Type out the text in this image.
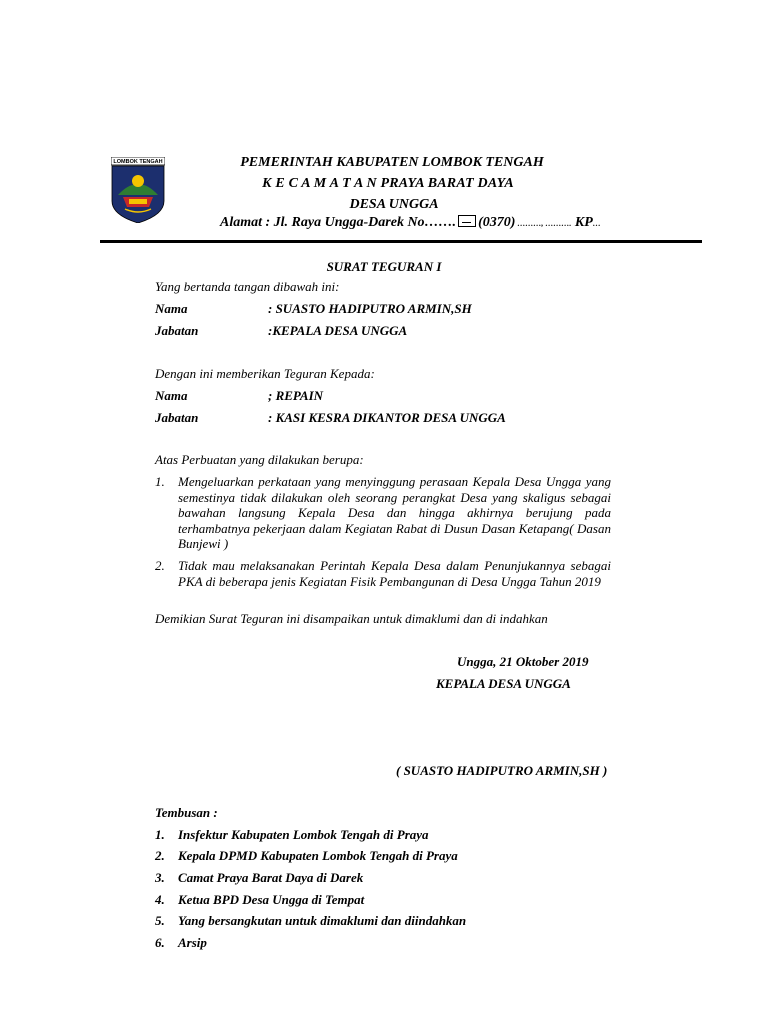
LOMBOK TENGAH	PEMERINTAH KABUPATEN LOMBOK TENGAH
K E C A M A T A N PRAYA BARAT DAYA
DESA UNGGA
Alamat : Jl. Raya Ungga-Darek No……. (0370) ………, ………. KP…
SURAT TEGURAN I
Yang bertanda tangan dibawah ini:
Nama	: SUASTO HADIPUTRO ARMIN,SH
Jabatan	:KEPALA DESA UNGGA
Dengan ini memberikan Teguran Kepada:
Nama	; REPAIN
Jabatan	: KASI KESRA DIKANTOR DESA UNGGA
Atas Perbuatan yang dilakukan berupa:
1. Mengeluarkan perkataan yang menyinggung perasaan Kepala Desa Ungga yang semestinya tidak dilakukan oleh seorang perangkat Desa yang skaligus sebagai bawahan langsung Kepala Desa dan hingga akhirnya berujung pada terhambatnya pekerjaan dalam Kegiatan Rabat di Dusun Dasan Ketapang( Dasan Bunjewi )
2. Tidak mau melaksanakan Perintah Kepala Desa dalam Penunjukannya sebagai PKA di beberapa jenis Kegiatan Fisik Pembangunan di Desa Ungga Tahun 2019
Demikian Surat Teguran ini disampaikan untuk dimaklumi dan di indahkan
Ungga, 21 Oktober 2019
KEPALA DESA UNGGA
( SUASTO HADIPUTRO ARMIN,SH )
Tembusan :
1. Insfektur Kabupaten Lombok Tengah di Praya
2. Kepala DPMD Kabupaten Lombok Tengah di Praya
3. Camat Praya Barat Daya di Darek
4. Ketua BPD Desa Ungga di Tempat
5. Yang bersangkutan untuk dimaklumi dan diindahkan
6. Arsip
